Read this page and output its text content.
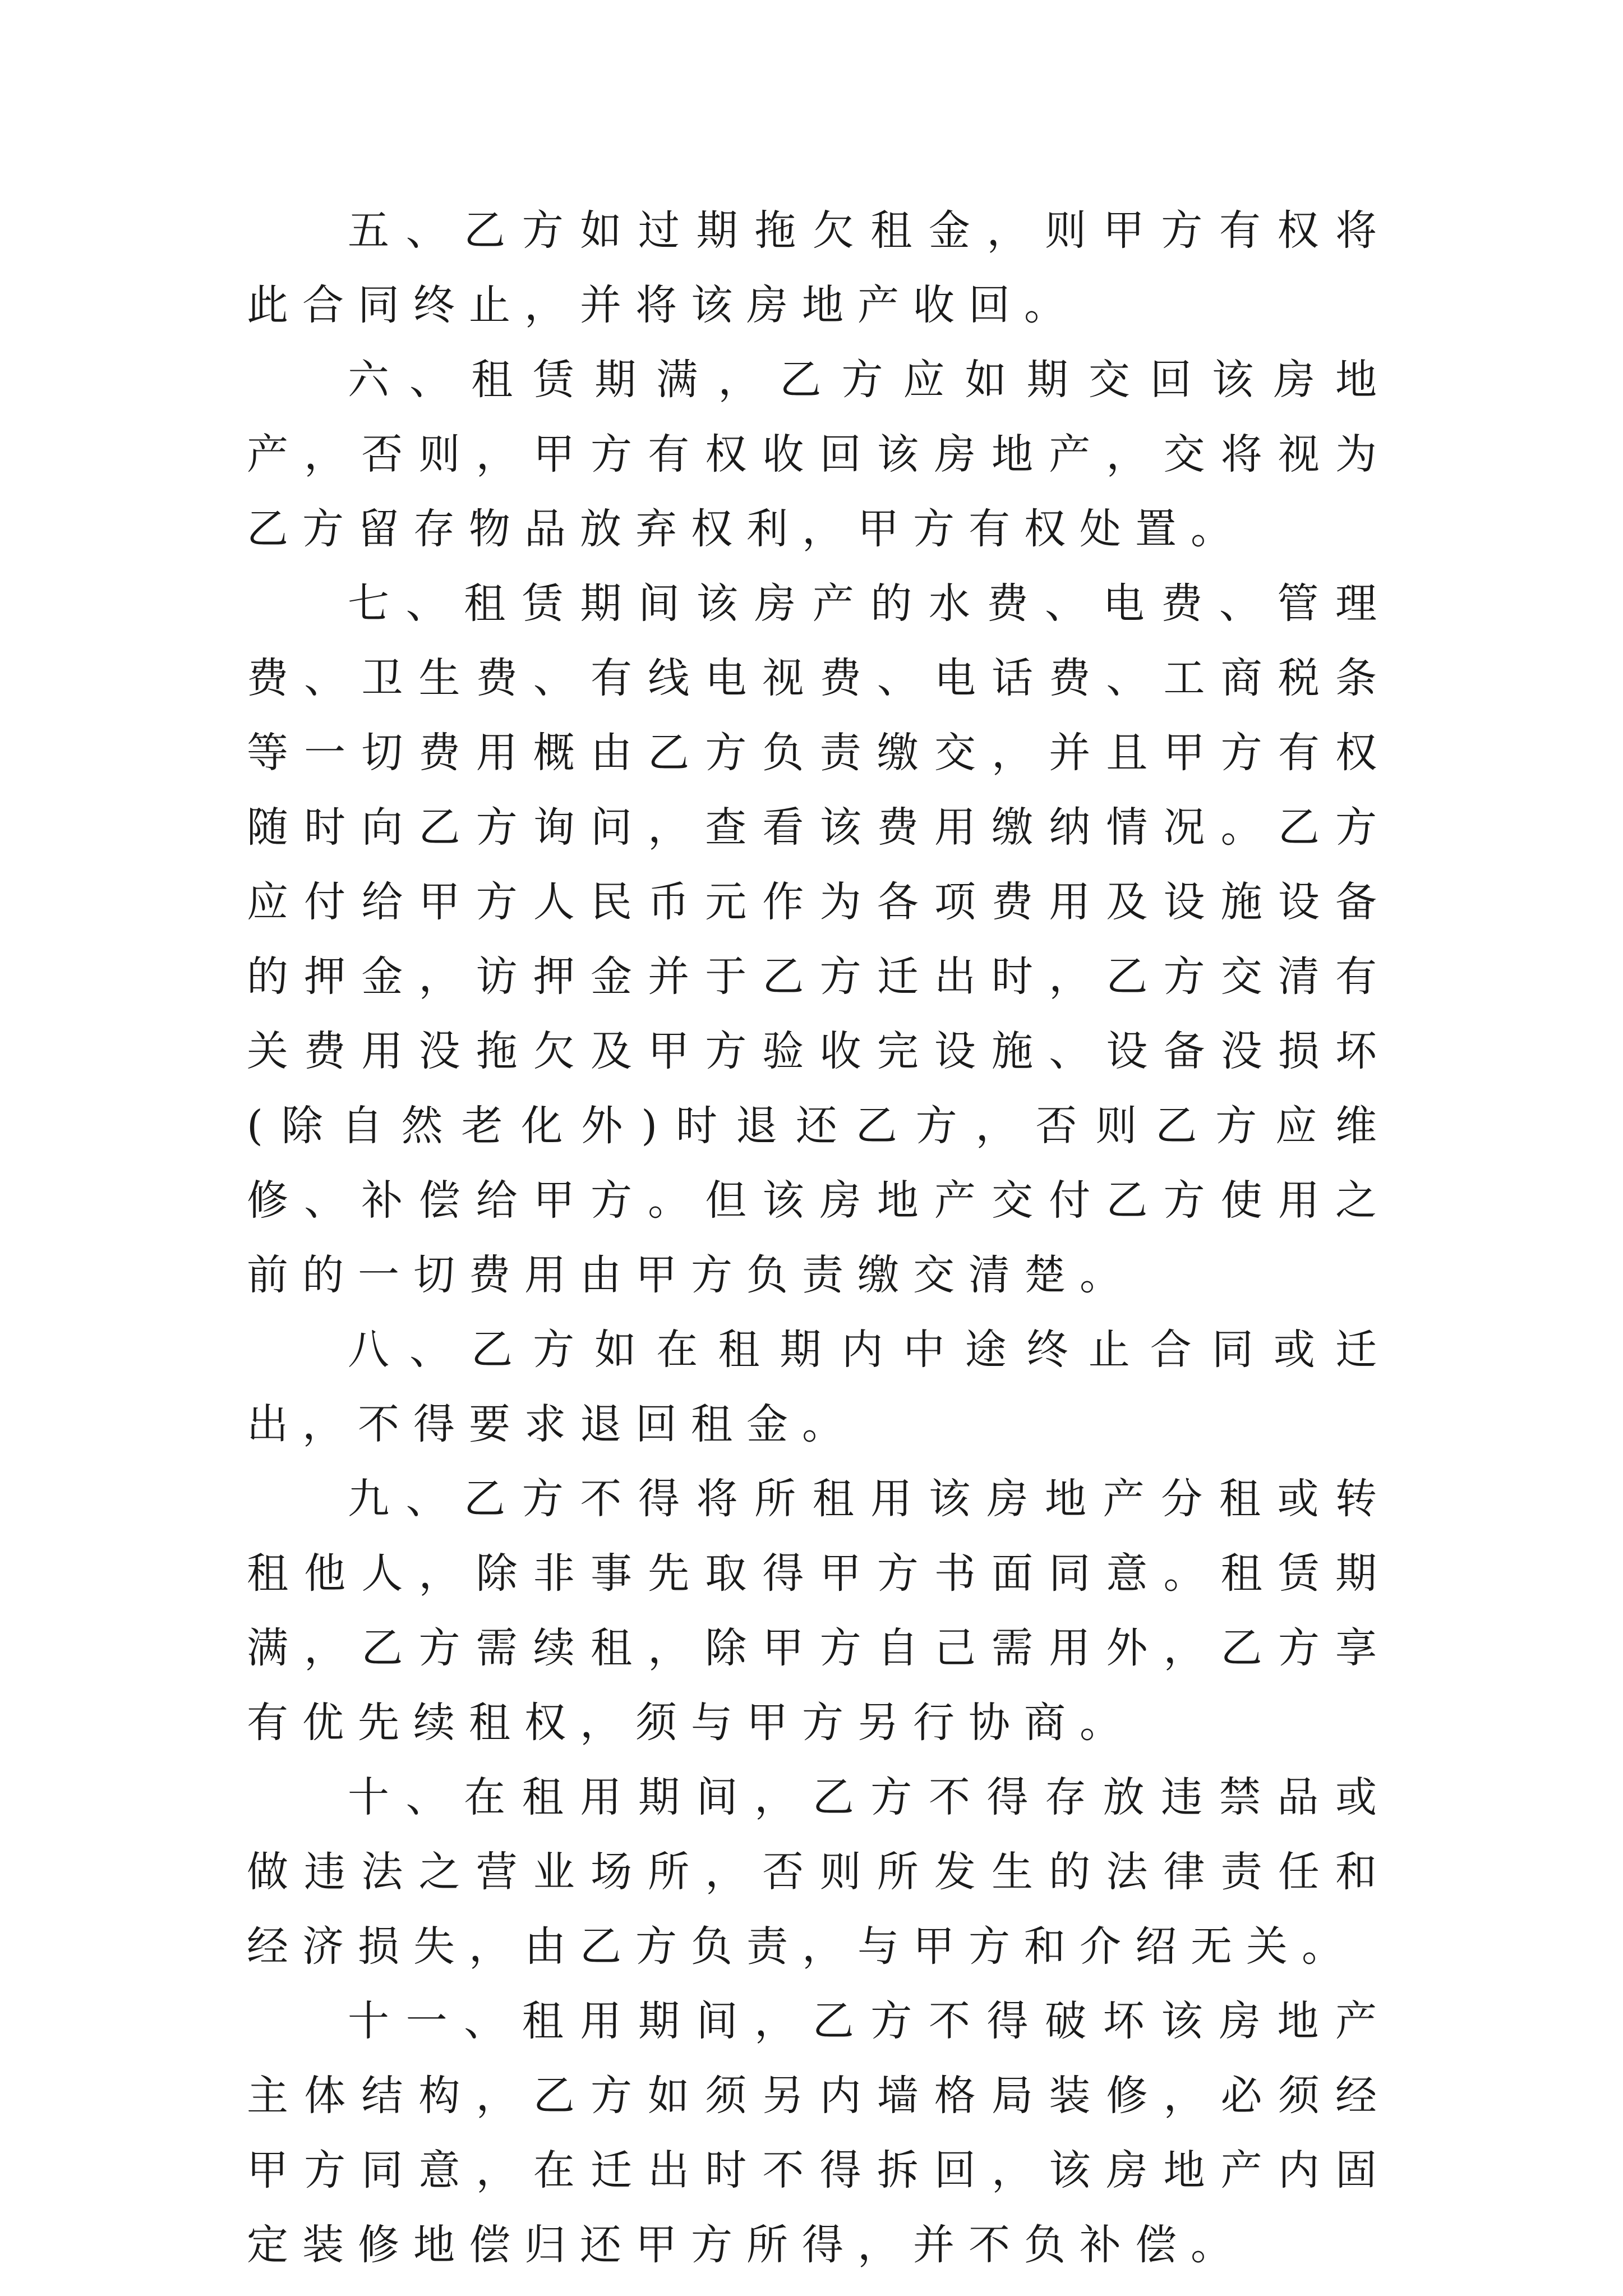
五、乙方如过期拖欠租金，则甲方有权将此合同终止，并将该房地产收回。

六、租赁期满，乙方应如期交回该房地产，否则，甲方有权收回该房地产，交将视为乙方留存物品放弃权利，甲方有权处置。

七、租赁期间该房产的水费、电费、管理费、卫生费、有线电视费、电话费、工商税条等一切费用概由乙方负责缴交，并且甲方有权随时向乙方询问，查看该费用缴纳情况。乙方应付给甲方人民币元作为各项费用及设施设备的押金，访押金并于乙方迁出时，乙方交清有关费用没拖欠及甲方验收完设施、设备没损坏(除自然老化外)时退还乙方，否则乙方应维修、补偿给甲方。但该房地产交付乙方使用之前的一切费用由甲方负责缴交清楚。

八、乙方如在租期内中途终止合同或迁出，不得要求退回租金。

九、乙方不得将所租用该房地产分租或转租他人，除非事先取得甲方书面同意。租赁期满，乙方需续租，除甲方自己需用外，乙方享有优先续租权，须与甲方另行协商。

十、在租用期间，乙方不得存放违禁品或做违法之营业场所，否则所发生的法律责任和经济损失，由乙方负责，与甲方和介绍无关。

十一、租用期间，乙方不得破坏该房地产主体结构，乙方如须另内墙格局装修，必须经甲方同意，在迁出时不得拆回，该房地产内固定装修地偿归还甲方所得，并不负补偿。
